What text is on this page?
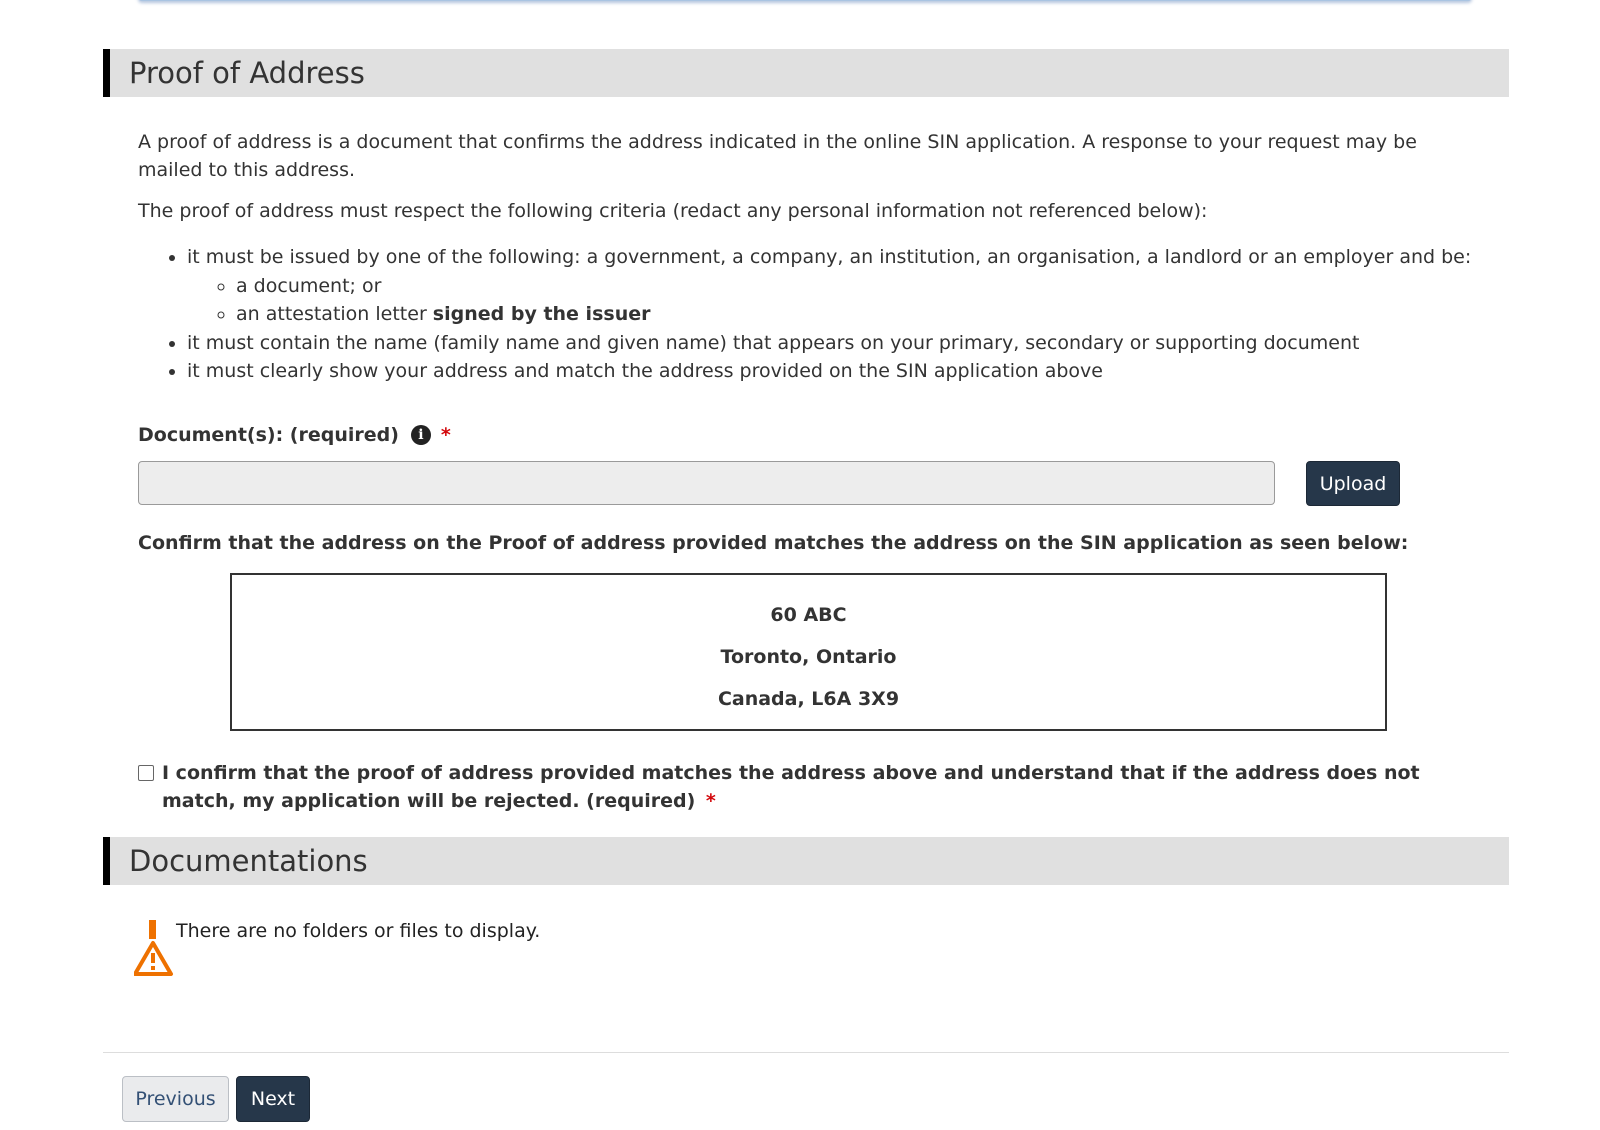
Proof of Address

A proof of address is a document that confirms the address indicated in the online SIN application. A response to your request may be mailed to this address.

The proof of address must respect the following criteria (redact any personal information not referenced below):

• it must be issued by one of the following: a government, a company, an institution, an organisation, a landlord or an employer and be:
◦ a document; or
◦ an attestation letter signed by the issuer
• it must contain the name (family name and given name) that appears on your primary, secondary or supporting document
• it must clearly show your address and match the address provided on the SIN application above
Document(s): (required)	i *
Upload

Confirm that the address on the Proof of address provided matches the address on the SIN application as seen below:

60 ABC
Toronto, Ontario
Canada, L6A 3X9
I confirm that the proof of address provided matches the address above and understand that if the address does not match, my application will be rejected. (required) *
Documentations
There are no folders or files to display.
Previous	Next
